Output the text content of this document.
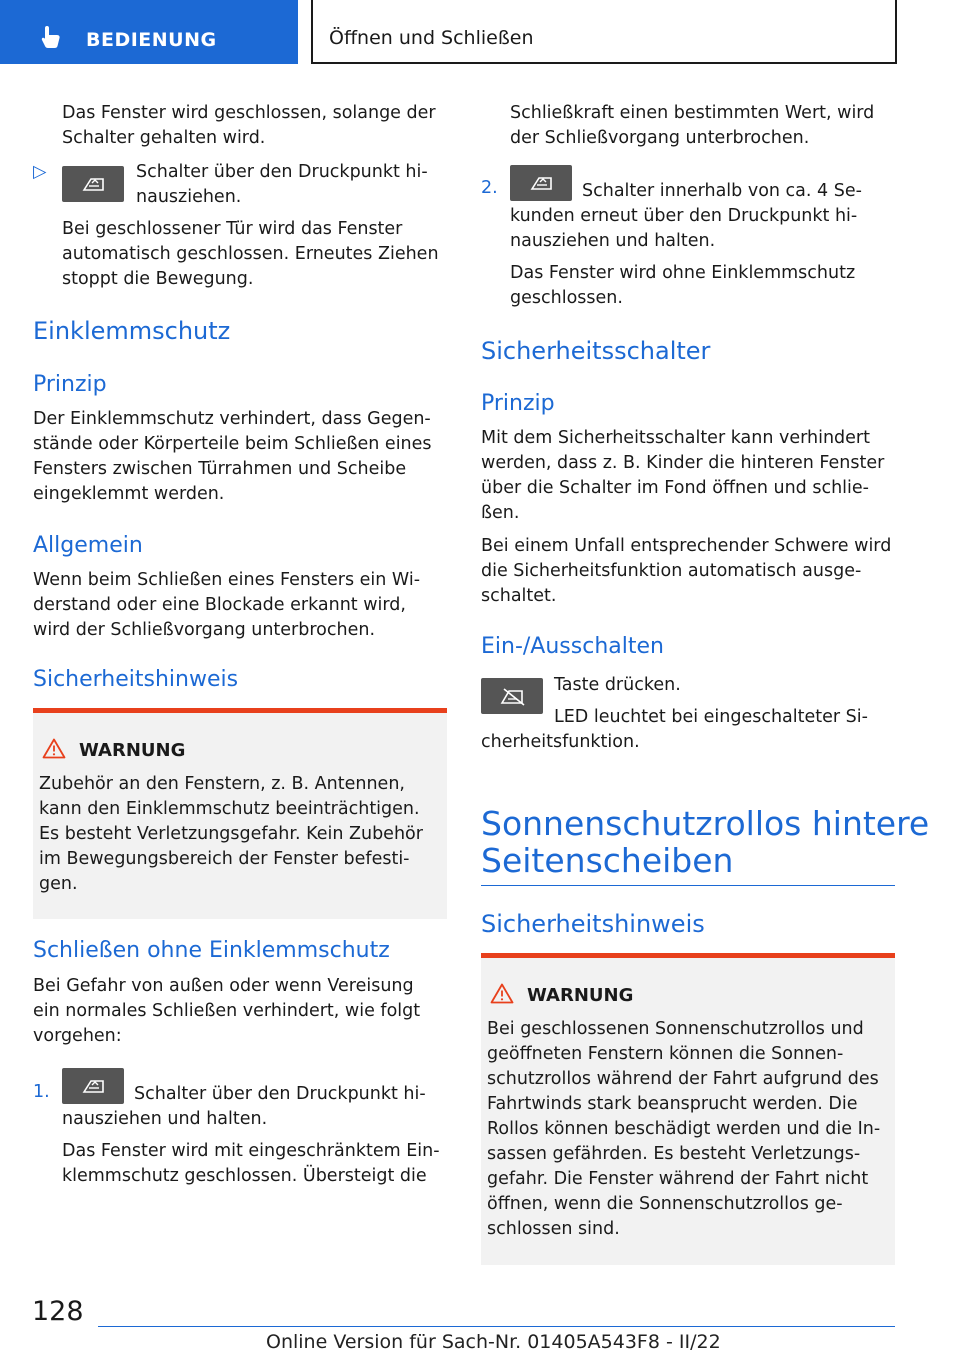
BEDIENUNG	Öffnen und Schließen
Das Fenster wird geschlossen, solange der
Schalter gehalten wird.
▷	Schalter über den Druckpunkt hi-
nausziehen.
Bei geschlossener Tür wird das Fenster
automatisch geschlossen. Erneutes Ziehen
stoppt die Bewegung.
Einklemmschutz
Prinzip
Der Einklemmschutz verhindert, dass Gegen-
stände oder Körperteile beim Schließen eines
Fensters zwischen Türrahmen und Scheibe
eingeklemmt werden.
Allgemein
Wenn beim Schließen eines Fensters ein Wi-
derstand oder eine Blockade erkannt wird,
wird der Schließvorgang unterbrochen.
Sicherheitshinweis
WARNUNG
Zubehör an den Fenstern, z. B. Antennen,
kann den Einklemmschutz beeinträchtigen.
Es besteht Verletzungsgefahr. Kein Zubehör
im Bewegungsbereich der Fenster befesti-
gen.
Schließen ohne Einklemmschutz
Bei Gefahr von außen oder wenn Vereisung
ein normales Schließen verhindert, wie folgt
vorgehen:
1.	Schalter über den Druckpunkt hi-
nausziehen und halten.
Das Fenster wird mit eingeschränktem Ein-
klemmschutz geschlossen. Übersteigt die
Schließkraft einen bestimmten Wert, wird
der Schließvorgang unterbrochen.
2.	Schalter innerhalb von ca. 4 Se-
kunden erneut über den Druckpunkt hi-
nausziehen und halten.
Das Fenster wird ohne Einklemmschutz
geschlossen.
Sicherheitsschalter
Prinzip
Mit dem Sicherheitsschalter kann verhindert
werden, dass z. B. Kinder die hinteren Fenster
über die Schalter im Fond öffnen und schlie-
ßen.
Bei einem Unfall entsprechender Schwere wird
die Sicherheitsfunktion automatisch ausge-
schaltet.
Ein-/Ausschalten
Taste drücken.
LED leuchtet bei eingeschalteter Si-
cherheitsfunktion.
Sonnenschutzrollos hintere
Seitenscheiben
Sicherheitshinweis
WARNUNG
Bei geschlossenen Sonnenschutzrollos und
geöffneten Fenstern können die Sonnen-
schutzrollos während der Fahrt aufgrund des
Fahrtwinds stark beansprucht werden. Die
Rollos können beschädigt werden und die In-
sassen gefährden. Es besteht Verletzungs-
gefahr. Die Fenster während der Fahrt nicht
öffnen, wenn die Sonnenschutzrollos ge-
schlossen sind.
128
Online Version für Sach-Nr. 01405A543F8 - II/22
